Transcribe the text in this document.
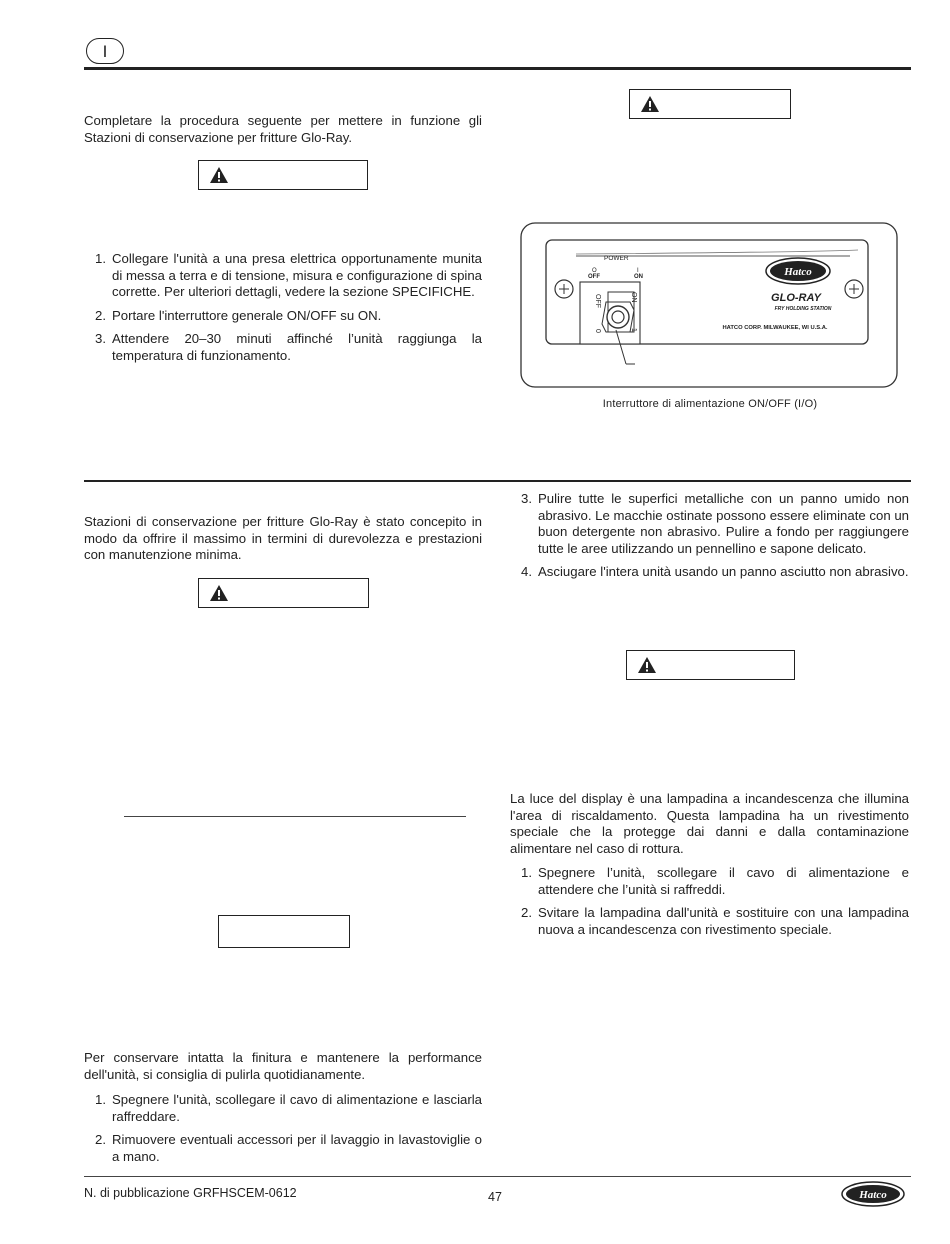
I
Completare la procedura seguente per mettere in funzione gli Stazioni di conservazione per fritture Glo-Ray.
1. Collegare l'unità a una presa elettrica opportunamente munita di messa a terra e di tensione, misura e configurazione di spina corrette. Per ulteriori dettagli, vedere la sezione SPECIFICHE.
2. Portare l'interruttore generale ON/OFF su ON.
3. Attendere 20–30 minuti affinché l’unità raggiunga la temperatura di funzionamento.
POWER
O
OFF
I
ON
OFF	ON
0	1
Hatco
GLO-RAY
FRY HOLDING STATION
HATCO CORP. MILWAUKEE, WI U.S.A.
Interruttore di alimentazione ON/OFF (I/O)
Stazioni di conservazione per fritture Glo-Ray è stato concepito in modo da offrire il massimo in termini di durevolezza e prestazioni con manutenzione minima.
Per conservare intatta la finitura e mantenere la performance dell'unità, si consiglia di pulirla quotidianamente.
1. Spegnere l'unità, scollegare il cavo di alimentazione e lasciarla raffreddare.
2. Rimuovere eventuali accessori per il lavaggio in lavastoviglie o a mano.
3. Pulire tutte le superfici metalliche con un panno umido non abrasivo. Le macchie ostinate possono essere eliminate con un buon detergente non abrasivo. Pulire a fondo per raggiungere tutte le aree utilizzando un pennellino e sapone delicato.
4. Asciugare l'intera unità usando un panno asciutto non abrasivo.
La luce del display è una lampadina a incandescenza che illumina l'area di riscaldamento. Questa lampadina ha un rivestimento speciale che la protegge dai danni e dalla contaminazione alimentare nel caso di rottura.
1. Spegnere l’unità, scollegare il cavo di alimentazione e attendere che l’unità si raffreddi.
2. Svitare la lampadina dall'unità e sostituire con una lampadina nuova a incandescenza con rivestimento speciale.
N. di pubblicazione GRFHSCEM-0612	47	Hatco
